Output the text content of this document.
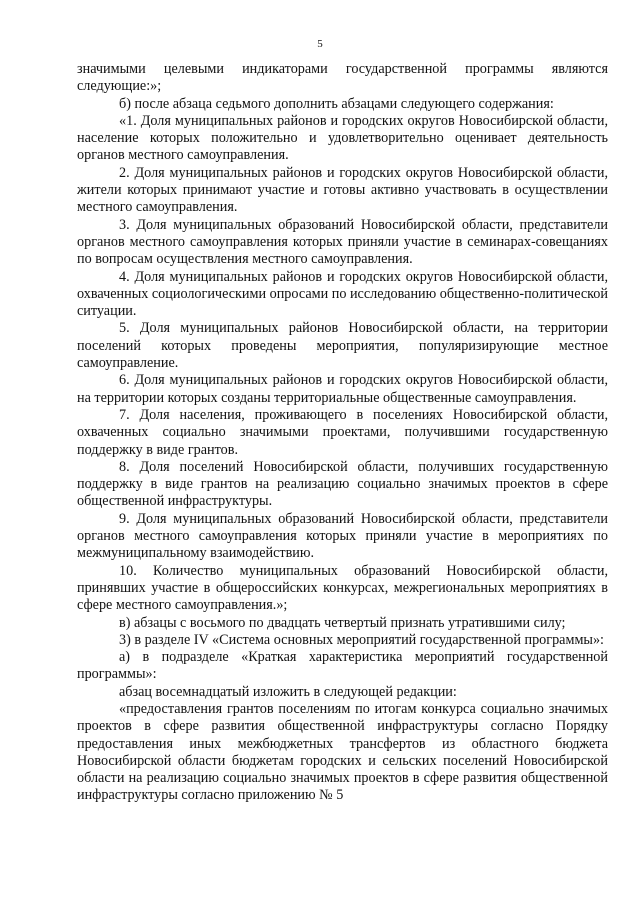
5

значимыми целевыми индикаторами государственной программы являются следующие:»;

б) после абзаца седьмого дополнить абзацами следующего содержания:

«1. Доля муниципальных районов и городских округов Новосибирской области, население которых положительно и удовлетворительно оценивает деятельность органов местного самоуправления.

2. Доля муниципальных районов и городских округов Новосибирской области, жители которых принимают участие и готовы активно участвовать в осуществлении местного самоуправления.

3. Доля муниципальных образований Новосибирской области, представители органов местного самоуправления которых приняли участие в семинарах-совещаниях по вопросам осуществления местного самоуправления.

4. Доля муниципальных районов и городских округов Новосибирской области, охваченных социологическими опросами по исследованию общественно-политической ситуации.

5. Доля муниципальных районов Новосибирской области, на территории поселений которых проведены мероприятия, популяризирующие местное самоуправление.

6. Доля муниципальных районов и городских округов Новосибирской области, на территории которых созданы территориальные общественные самоуправления.

7. Доля населения, проживающего в поселениях Новосибирской области, охваченных социально значимыми проектами, получившими государственную поддержку в виде грантов.

8. Доля поселений Новосибирской области, получивших государственную поддержку в виде грантов на реализацию социально значимых проектов в сфере общественной инфраструктуры.

9. Доля муниципальных образований Новосибирской области, представители органов местного самоуправления которых приняли участие в мероприятиях по межмуниципальному взаимодействию.

10. Количество муниципальных образований Новосибирской области, принявших участие в общероссийских конкурсах, межрегиональных мероприятиях в сфере местного самоуправления.»;

в) абзацы с восьмого по двадцать четвертый признать утратившими силу;

3) в разделе IV «Система основных мероприятий государственной программы»:

а) в подразделе «Краткая характеристика мероприятий государственной программы»:

абзац восемнадцатый изложить в следующей редакции:

«предоставления грантов поселениям по итогам конкурса социально значимых проектов в сфере развития общественной инфраструктуры согласно Порядку предоставления иных межбюджетных трансфертов из областного бюджета Новосибирской области бюджетам городских и сельских поселений Новосибирской области на реализацию социально значимых проектов в сфере развития общественной инфраструктуры согласно приложению № 5
